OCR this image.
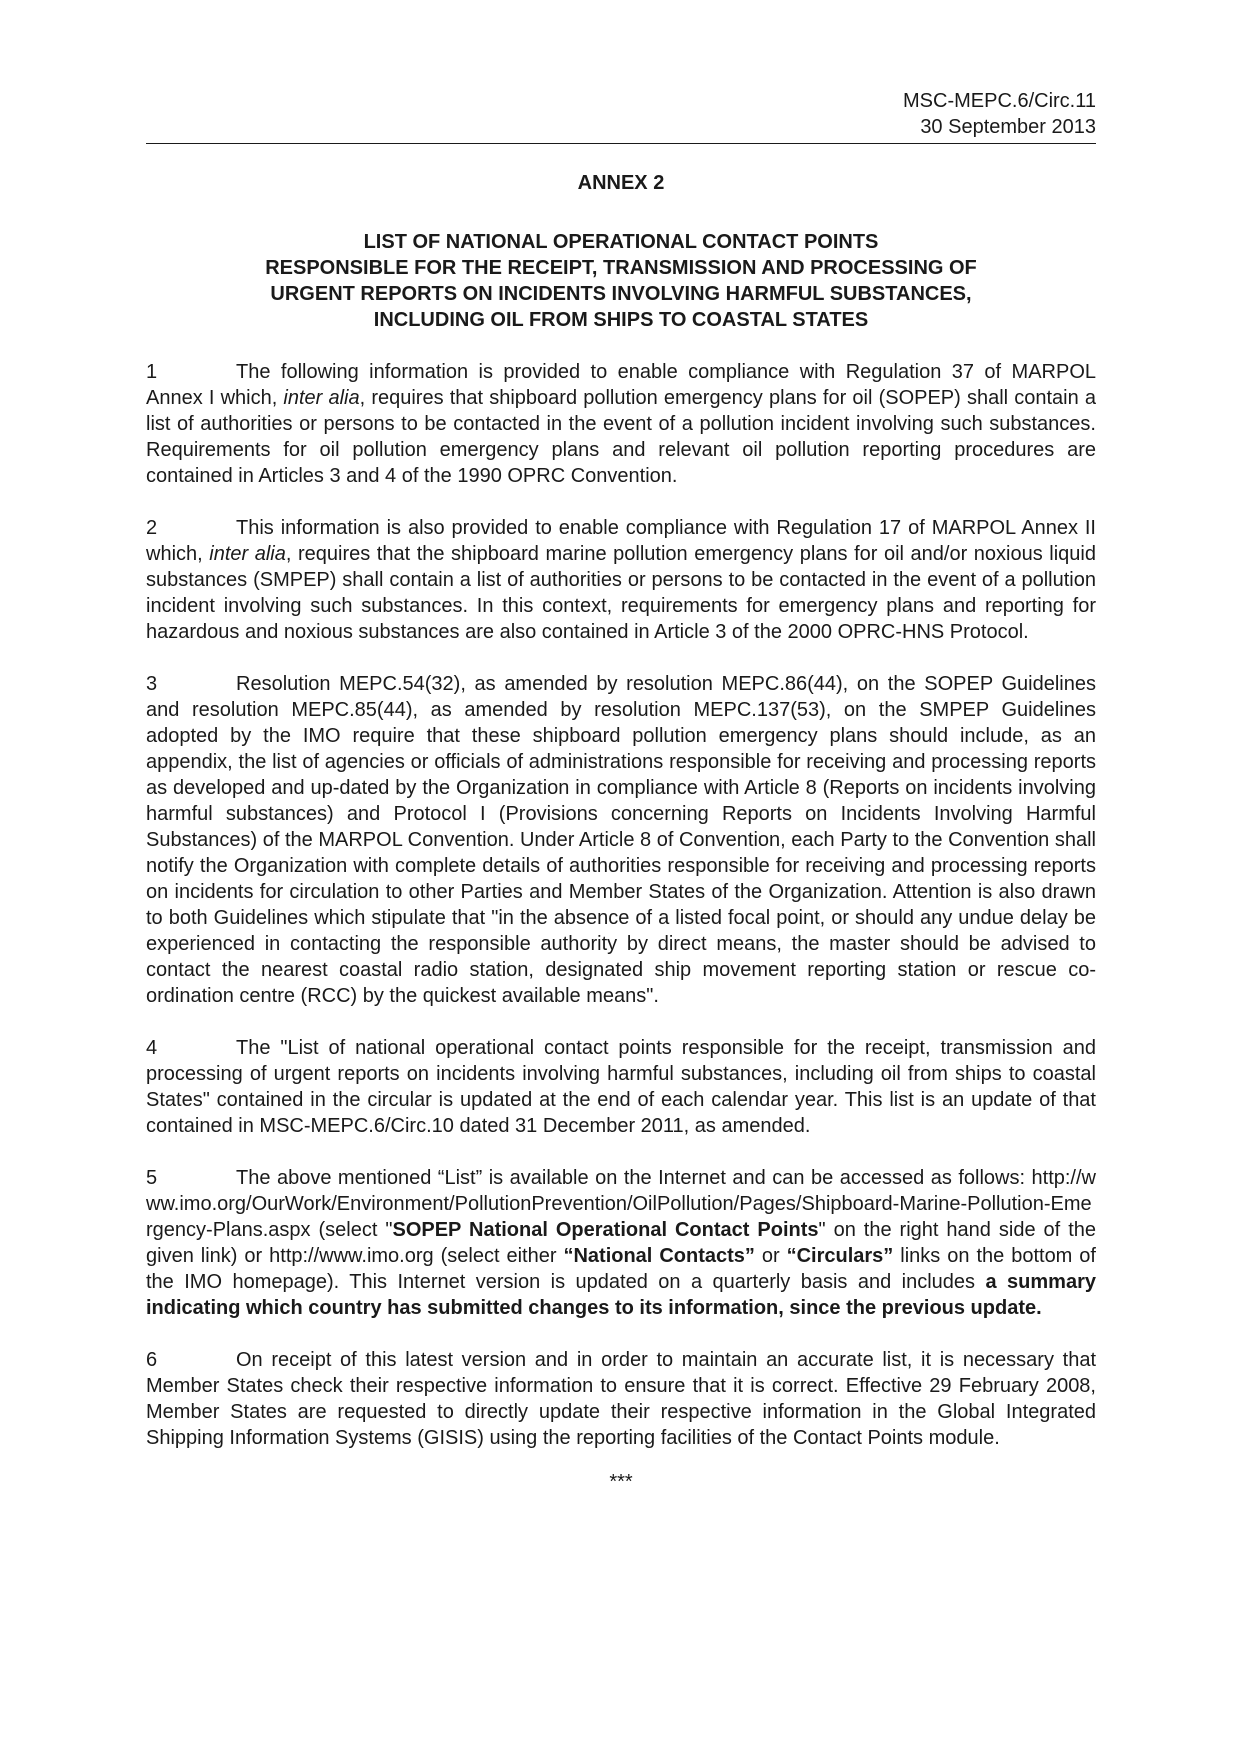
MSC-MEPC.6/Circ.11
30 September 2013
ANNEX 2
LIST OF NATIONAL OPERATIONAL CONTACT POINTS
RESPONSIBLE FOR THE RECEIPT, TRANSMISSION AND PROCESSING OF
URGENT REPORTS ON INCIDENTS INVOLVING HARMFUL SUBSTANCES,
INCLUDING OIL FROM SHIPS TO COASTAL STATES

1	The following information is provided to enable compliance with Regulation 37 of MARPOL Annex I which, inter alia, requires that shipboard pollution emergency plans for oil (SOPEP) shall contain a list of authorities or persons to be contacted in the event of a pollution incident involving such substances. Requirements for oil pollution emergency plans and relevant oil pollution reporting procedures are contained in Articles 3 and 4 of the 1990 OPRC Convention.

2	This information is also provided to enable compliance with Regulation 17 of MARPOL Annex II which, inter alia, requires that the shipboard marine pollution emergency plans for oil and/or noxious liquid substances (SMPEP) shall contain a list of authorities or persons to be contacted in the event of a pollution incident involving such substances. In this context, requirements for emergency plans and reporting for hazardous and noxious substances are also contained in Article 3 of the 2000 OPRC-HNS Protocol.

3	Resolution MEPC.54(32), as amended by resolution MEPC.86(44), on the SOPEP Guidelines and resolution MEPC.85(44), as amended by resolution MEPC.137(53), on the SMPEP Guidelines adopted by the IMO require that these shipboard pollution emergency plans should include, as an appendix, the list of agencies or officials of administrations responsible for receiving and processing reports as developed and up-dated by the Organization in compliance with Article 8 (Reports on incidents involving harmful substances) and Protocol I (Provisions concerning Reports on Incidents Involving Harmful Substances) of the MARPOL Convention. Under Article 8 of Convention, each Party to the Convention shall notify the Organization with complete details of authorities responsible for receiving and processing reports on incidents for circulation to other Parties and Member States of the Organization. Attention is also drawn to both Guidelines which stipulate that "in the absence of a listed focal point, or should any undue delay be experienced in contacting the responsible authority by direct means, the master should be advised to contact the nearest coastal radio station, designated ship movement reporting station or rescue co-ordination centre (RCC) by the quickest available means".

4	The "List of national operational contact points responsible for the receipt, transmission and processing of urgent reports on incidents involving harmful substances, including oil from ships to coastal States" contained in the circular is updated at the end of each calendar year. This list is an update of that contained in MSC-MEPC.6/Circ.10 dated 31 December 2011, as amended.

5	The above mentioned “List” is available on the Internet and can be accessed as follows: http://www.imo.org/OurWork/Environment/PollutionPrevention/OilPollution/Pages/Shipboard-Marine-Pollution-Emergency-Plans.aspx (select "SOPEP National Operational Contact Points" on the right hand side of the given link) or http://www.imo.org (select either “National Contacts” or “Circulars” links on the bottom of the IMO homepage). This Internet version is updated on a quarterly basis and includes a summary indicating which country has submitted changes to its information, since the previous update.

6	On receipt of this latest version and in order to maintain an accurate list, it is necessary that Member States check their respective information to ensure that it is correct. Effective 29 February 2008, Member States are requested to directly update their respective information in the Global Integrated Shipping Information Systems (GISIS) using the reporting facilities of the Contact Points module.

***
